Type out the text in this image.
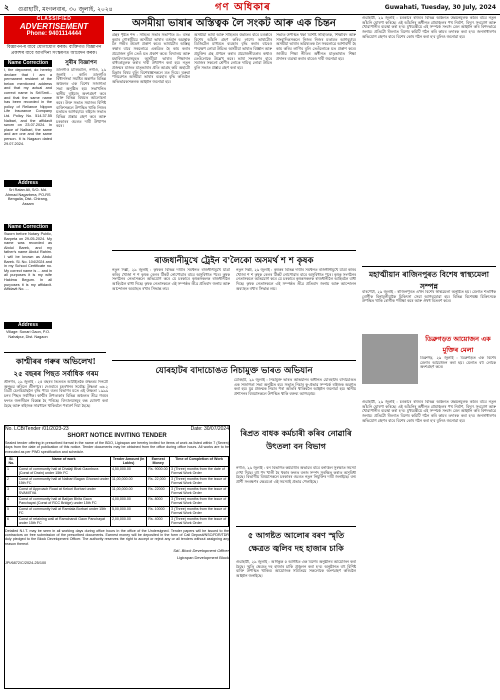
২ গুৱাহাটী, মংগলবাৰ, ৩০ জুলাই, ২০২৪	গণ অধিকাৰ	Guwahati, Tuesday, 30 July, 2024
CLASSIFIED
ADVERTISEMENT
Phone: 9401114444
বিজ্ঞাপন-ৰ বাবে যোগাযোগ কৰক। ব্যক্তিগত বিজ্ঞাপন
প্ৰকাশৰ বাবে আগদিনা সংস্কৰণত আবেদন কৰক।
Name Correction
I, the deponent, do hereby declare that I am a permanent resident of the below mentioned address and that my actual and correct name is Sri/Smti... and that the same name has been recorded in the policy of Reliance Nippon Life Insurance Company Ltd. Policy No. 514.37.55 Nalbari, and the affidavit sworn on 23.07.2024. In place of Nalbari, the same and are one and the same person. It is Nagaon dated 29.07.2024.
Address
Sri Ratan Ali, S/O- Md. Ahmad Nagarbera, PO-RS Bengalia, Dist- Chirang, Assam
Name Correction
Sworn before Notary Public, Barpeta on 29-05-2024. My name was recorded as Abdul Barek, and my father's name Abdul Rahim. I will be known as Abdul Barek. Sl. No. 104/2024 and in my School Certificate no. My correct name is ... and in all purposes it is my wife Hakima Begum. In all purposes it is my affidavit. Affidavit No. ...
Address
Village: Sonari Gaon, P.O. Nahalpur, Dist. Nagaon
সুৰীৰ বিজ্ঞাপন
ডালগাঁও চাৰিআলি, নগাঁও, ২৯ জুলাই : কালি ডালগাঁও বিধানসভা সমষ্টিৰ অন্তৰ্গত বিভিন্ন অঞ্চলত এক বিশেষ সজাগতা সভা অনুষ্ঠিত হয়। সভাখনিত স্থানীয় ৰাইজে অংশগ্ৰহণ কৰে আৰু বিভিন্ন বিষয়ত আলোচনা কৰে। উক্ত সভাত সমাজৰ বিশিষ্ট ব্যক্তিসকলে উপস্থিত থাকি নিজৰ মতামত আগবঢ়ায়। ৰাইজে সভাত বিভিন্ন প্ৰস্তাৱ গ্ৰহণ কৰে আৰু চৰকাৰৰ ওচৰত দাবী উত্থাপন কৰে।
কাশ্মীৰৰ গৰুৰ অভিলেখ!
২৫ বছৰৰ পিছত সৰ্বাধিক গৰম
শ্ৰীনগৰ, ২৯ জুলাই : ২৫ বছৰৰ ভিতৰত আটাইতকৈ উষ্ণতম দিনটো অনুভৱ কৰিলে শ্ৰীনগৰে। দেওবাৰে চহৰখনৰ সৰ্বোচ্চ উষ্ণতা ৩৬.২ ডিগ্ৰী চেলচিয়াছলৈ বৃদ্ধি পায়। বতৰ বিভাগৰ মতে এই উষ্ণতা ১৯৯৯ চনৰ পিছত সৰ্বাধিক। কাশ্মীৰ উপত্যকাৰ বিভিন্ন অঞ্চলত তীব্ৰ গৰমৰ ফলত জনজীৱন বিধ্বস্ত হৈ পৰিছে। বিদ্যালয়সমূহ বন্ধ ঘোষণা কৰা হৈছে আৰু ৰাইজক সাৱধানে থাকিবলৈ পৰামৰ্শ দিয়া হৈছে।
অসমীয়া ভাষাৰ অস্তিত্বক লৈ সংকট আৰু এক চিন্তন
গ্ৰন্থৰ পৃষ্ঠত শব্দ : সাহিত্য সভাৰ সভাপতি ড০ বসন্ত কুমাৰ গোস্বামীয়ে অসমীয়া ভাষাৰ বৰ্তমান অৱস্থাক লৈ গভীৰ উদ্বেগ প্ৰকাশ কৰে। ভাষাটোৰ অস্তিত্ব ৰক্ষাৰ বাবে সকলোৱে একত্ৰিত হৈ কাম কৰাৰ প্ৰয়োজন বুলি তেওঁ মত প্ৰকাশ কৰে। বিদ্যালয় আৰু মহাবিদ্যালয়সমূহত অসমীয়া ভাষাৰ শিক্ষাদান বাধ্যতামূলক কৰাৰ দাবী উত্থাপন কৰা হয়। নতুন প্ৰজন্মৰ মাজত মাতৃভাষাৰ প্ৰতি আগ্ৰহ কমি অহাটো চিন্তাৰ বিষয় বুলি বিশেষজ্ঞসকলে মত দিয়ে। ঘৰুৱা পৰিৱেশত অসমীয়া ভাষাৰ ব্যৱহাৰ বৃদ্ধি কৰিবলৈ অভিভাৱকসকলক আহ্বান জনোৱা হয়।
অসমীয়া ভাষা আৰু সাহিত্যৰ উন্নতিৰ বাবে চৰকাৰে বিশেষ আঁচনি গ্ৰহণ কৰিব লাগে। ভাষাটোৰ ডিজিটেল মাধ্যমত ব্যৱহাৰ বৃদ্ধি কৰাৰ বাবেও পদক্ষেপ লোৱা উচিত। অসমীয়া ভাষাত বিজ্ঞান আৰু প্ৰযুক্তিৰ গ্ৰন্থ প্ৰণয়ন কৰাৰ প্ৰয়োজনীয়তাৰ কথাও তেওঁলোকে উল্লেখ কৰে। ভাষা সংৰক্ষণৰ বাবে সমাজৰ সকলো শ্ৰেণীৰ লোকে দায়িত্ব লোৱা উচিত বুলি সভাত প্ৰস্তাৱ গ্ৰহণ কৰা হয়।
সভাত উপস্থিত থকা বিশিষ্ট সাহিত্যিক, শিক্ষাবিদ আৰু সাংবাদিকসকলে নিজৰ নিজৰ মতামত আগবঢ়ায়। অসমীয়া ভাষাৰ ভৱিষ্যতক লৈ সকলোৱে আশাবাদী হৈ কাম কৰিব লাগিব বুলি তেওঁলোকে মত প্ৰকাশ কৰে। জাতীয় শিক্ষা নীতিৰ অধীনত মাতৃভাষাত শিক্ষা প্ৰদানৰ ব্যৱস্থা কৰাৰ বাবেও দাবী জনোৱা হয়।
ৰাজধানীমুখে ট্ৰেইন ব'লৈকো অসমৰ্থ শ শ কৃষক
নতুন দিল্লী, ২৯ জুলাই : কৃষকৰ বিভিন্ন দাবীৰ সমৰ্থনত ৰাজধানীমুখে যাত্ৰা কৰিব খোজা শ শ কৃষক ৰেলৰ টিকট নোপোৱাৰ বাবে অসুবিধাত পৰে। কৃষক সংগঠনৰ নেতাসকলে অভিযোগ কৰে যে চৰকাৰে কৃষকসকলক ৰাজধানীলৈ আহিবলৈ বাধা দিছে। কৃষক নেতাসকলে এই সম্পৰ্কত তীব্ৰ প্ৰতিবাদ জনায় আৰু আন্দোলন অব্যাহত ৰখাৰ সিদ্ধান্ত লয়।
নতুন দিল্লী, ২৯ জুলাই : কৃষকৰ বিভিন্ন দাবীৰ সমৰ্থনত ৰাজধানীমুখে যাত্ৰা কৰিব খোজা শ শ কৃষক ৰেলৰ টিকট নোপোৱাৰ বাবে অসুবিধাত পৰে। কৃষক সংগঠনৰ নেতাসকলে অভিযোগ কৰে যে চৰকাৰে কৃষকসকলক ৰাজধানীলৈ আহিবলৈ বাধা দিছে। কৃষক নেতাসকলে এই সম্পৰ্কত তীব্ৰ প্ৰতিবাদ জনায় আৰু আন্দোলন অব্যাহত ৰখাৰ সিদ্ধান্ত লয়।
যোৰহাটৰ বাদাচোঙত নিচামুক্ত ভাৰত অভিযান
যোৰহাট, ২৯ জুলাই : নিচামুক্ত ভাৰত অভিযানৰ অধীনত যোৰহাটৰ বাদাচোঙত এক সজাগতা সভা অনুষ্ঠিত হয়। সভাত নিচাৰ কু-প্ৰভাৱ সম্পৰ্কে ৰাইজক অৱগত কৰা হয়। যুৱ প্ৰজন্মক নিচাৰ পৰা আঁতৰি থাকিবলৈ আহ্বান জনোৱা হয়। স্থানীয় প্ৰশাসনৰ বিষয়াসকলে উপস্থিত থাকি বক্তব্য আগবঢ়ায়।
No. LCB/Tender /01/2023-23	Date: 30/07/2024
SHORT NOTICE INVITING TENDER
Sealed tender offering in prescribed format in the name of the BDO, Ligirapan are hereby invited for items of work as listed within 7 (Seven) days from the date of publication of this notice. Tender documents may be obtained from the office during office hours. All works are to be executed as per PWD specification and schedule.
Sl. No.	Name of work	Tender Amount (in Lakhs)	Earnest Money	Time of Completion of Work
1	Const of community hall at Dhalaji Bhat Gaonbura (Const of Drain) under 15th FC	4,50,000.00	Rs. 9000.00	3 (Three) months from the date of Formal Work Order
2	Const of community hall at Nalbari Bagan Ghorani under 15th FC	11,00,000.00	Rs. 22,000	3 (Three) months from the issue of Formal Work Order
3	Const of Approach Road at Kekuri Borbari under SVAMITVA	11,00,000.00	Rs. 22000	3 (Three) months from the issue of Formal Work Order
4	Const of community hall at Balijan Bhita Gaon Panchayat (Const of RCC Bridge) under 15th FC	4,00,000.00	Rs. 8000	3 (Three) months from the issue of Formal Work Order
5	Const of community hall at Ramtala Borbari under 15th FC	5,00,000.00	Rs. 10000	3 (Three) months from the issue of Formal Work Order
6	Const of retaining wall at Ramchandi Gaon Panchayat under 15th FC	2,00,000.00	Rs. 4000	3 (Three) months from the issue of Formal Work Order
Detailed N.I.T. may be seen in all working days during office hours in the office of the Undersigned. Tender papers will be issued to the contractors on free submission of the prescribed documents. Earnest money will be deposited in the form of Call Deposit/NSC/FDR/TDR duly pledged to the Block Development Officer. The authority reserves the right to accept or reject any or all tenders without assigning any reason thereof.
Sd/- Block Development Officer
Ligirapan Development Block
JPI/6872/C/2024-25/100
ৰিপ্ৰত বাধক কৰ্মচাৰী কৰিব নোৱাৰি উৎতলা বন বিভাগ
নগাঁও, ২৯ জুলাই : বন বিভাগত কৰ্মচাৰীৰ অভাৱৰ বাবে বনাঞ্চল সুৰক্ষাত সমস্যা দেখা দিছে। বহু পদ খালী হৈ থকাৰ ফলত বনজ সম্পদ সুৰক্ষিত কৰাত অসুবিধা হৈছে। বিভাগীয় বিষয়াসকলে চৰকাৰৰ ওচৰত নতুন নিযুক্তিৰ দাবী জনাইছে। বন্য প্ৰাণী সংৰক্ষণৰ ক্ষেত্ৰতো এই সমস্যাই প্ৰভাৱ পেলাইছে।
৫ আগষ্টত আলোৰ বৰণ স্মৃতি ক্ষেত্ৰত জ্বলিব দহ হাজাৰ চাকি
গুৱাহাটী, ২৯ জুলাই : আগন্তুক ৫ আগষ্টত এক বিশেষ অনুষ্ঠানৰ আয়োজন কৰা হৈছে। স্মৃতি ক্ষেত্ৰত দহ হাজাৰ চাকি প্ৰজ্বলন কৰা হ'ব। অনুষ্ঠানত বহু বিশিষ্ট ব্যক্তি উপস্থিত থাকিব। আয়োজক সমিতিয়ে সকলোকে অংশগ্ৰহণ কৰিবলৈ আহ্বান জনাইছে।
গুৱাহাটী, ২৯ জুলাই : চৰকাৰে ৰাজ্যৰ বিভিন্ন অঞ্চলত উন্নয়নমূলক কামৰ বাবে নতুন আঁচনি ঘোষণা কৰিছে। এই আঁচনিৰ অধীনত গ্ৰামাঞ্চলৰ পথ নিৰ্মাণ, বিদ্যুৎ সংযোগ আৰু খোৱাপানীৰ ব্যৱস্থা কৰা হ'ব। মুখ্যমন্ত্ৰীয়ে এই সম্পৰ্কে সংবাদ মেল আহ্বান কৰি বিশদভাৱে জনায়। প্ৰতিটো জিলাত বিশেষ কমিটি গঠন কৰি কামৰ তদাৰক কৰা হ'ব। জনসাধাৰণৰ অভিযোগ গ্ৰহণৰ বাবে বিশেষ কোষ গঠন কৰা হ'ব বুলিও জনোৱা হয়।
মহাত্মীয়ান ৰাজিনপুৰত বিশেষ স্বাস্থ্যমেলা সম্পন্ন
বাৰপেটা, ২৯ জুলাই : ৰাজিনপুৰত এখন বিশেষ স্বাস্থ্যমেলা অনুষ্ঠিত হয়। মেলাত শতাধিক ৰোগীক বিনামূলীয়াকৈ চিকিৎসা সেৱা আগবঢ়োৱা হয়। বিভিন্ন বিশেষজ্ঞ চিকিৎসকে উপস্থিত থাকি ৰোগীক পৰীক্ষা কৰে আৰু ঔষধ বিতৰণ কৰে।
ডিব্ৰুগড়ত আয়োজন এক মুক্তিৰ মেলা
ডিব্ৰুগড়, ২৯ জুলাই : ডিব্ৰুগড়ত এক বিশেষ মেলাৰ আয়োজন কৰা হয়। মেলাত বহু লোকে অংশগ্ৰহণ কৰে।
গুৱাহাটী, ২৯ জুলাই : চৰকাৰে ৰাজ্যৰ বিভিন্ন অঞ্চলত উন্নয়নমূলক কামৰ বাবে নতুন আঁচনি ঘোষণা কৰিছে। এই আঁচনিৰ অধীনত গ্ৰামাঞ্চলৰ পথ নিৰ্মাণ, বিদ্যুৎ সংযোগ আৰু খোৱাপানীৰ ব্যৱস্থা কৰা হ'ব। মুখ্যমন্ত্ৰীয়ে এই সম্পৰ্কে সংবাদ মেল আহ্বান কৰি বিশদভাৱে জনায়। প্ৰতিটো জিলাত বিশেষ কমিটি গঠন কৰি কামৰ তদাৰক কৰা হ'ব। জনসাধাৰণৰ অভিযোগ গ্ৰহণৰ বাবে বিশেষ কোষ গঠন কৰা হ'ব বুলিও জনোৱা হয়।
